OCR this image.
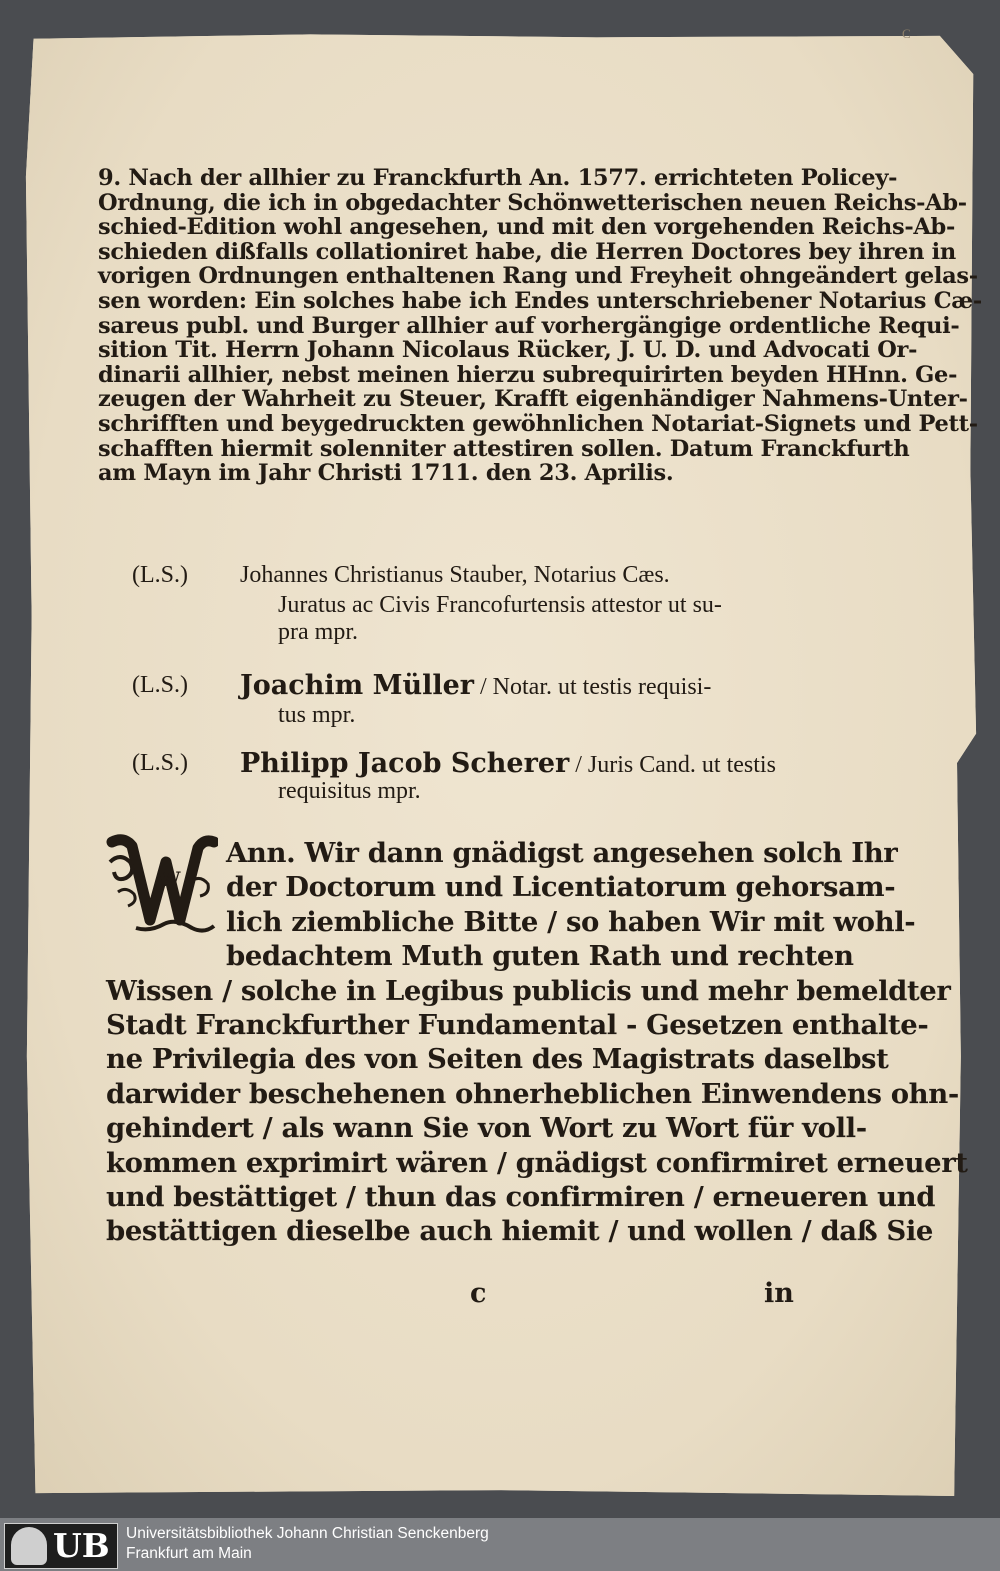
C
9. Nach der allhier zu Franckfurth An. 1577. errichteten Policey-
Ordnung, die ich in obgedachter Schönwetterischen neuen Reichs-Ab-
schied-Edition wohl angesehen, und mit den vorgehenden Reichs-Ab-
schieden dißfalls collationiret habe, die Herren Doctores bey ihren in
vorigen Ordnungen enthaltenen Rang und Freyheit ohngeändert gelas-
sen worden: Ein solches habe ich Endes unterschriebener Notarius Cæ-
sareus publ. und Burger allhier auf vorhergängige ordentliche Requi-
sition Tit. Herrn Johann Nicolaus Rücker, J. U. D. und Advocati Or-
dinarii allhier, nebst meinen hierzu subrequirirten beyden HHnn. Ge-
zeugen der Wahrheit zu Steuer, Krafft eigenhändiger Nahmens-Unter-
schrifften und beygedruckten gewöhnlichen Notariat-Signets und Pett-
schafften hiermit solenniter attestiren sollen. Datum Franckfurth
am Mayn im Jahr Christi 1711. den 23. Aprilis.
(L.S.) Johannes Christianus Stauber, Notarius Cæs.
Juratus ac Civis Francofurtensis attestor ut su-
pra mpr.
(L.S.) Joachim Müller / Notar. ut testis requisi-
tus mpr.
(L.S.) Philipp Jacob Scherer / Juris Cand. ut testis
requisitus mpr.
W
Ann. Wir dann gnädigst angesehen solch Ihr
der Doctorum und Licentiatorum gehorsam-
lich ziembliche Bitte / so haben Wir mit wohl-
bedachtem Muth guten Rath und rechten
Wissen / solche in Legibus publicis und mehr bemeldter
Stadt Franckfurther Fundamental - Gesetzen enthalte-
ne Privilegia des von Seiten des Magistrats daselbst
darwider beschehenen ohnerheblichen Einwendens ohn-
gehindert / als wann Sie von Wort zu Wort für voll-
kommen exprimirt wären / gnädigst confirmiret erneuert
und bestättiget / thun das confirmiren / erneueren und
bestättigen dieselbe auch hiemit / und wollen / daß Sie
c	in
UB Universitätsbibliothek Johann Christian Senckenberg
Frankfurt am Main
